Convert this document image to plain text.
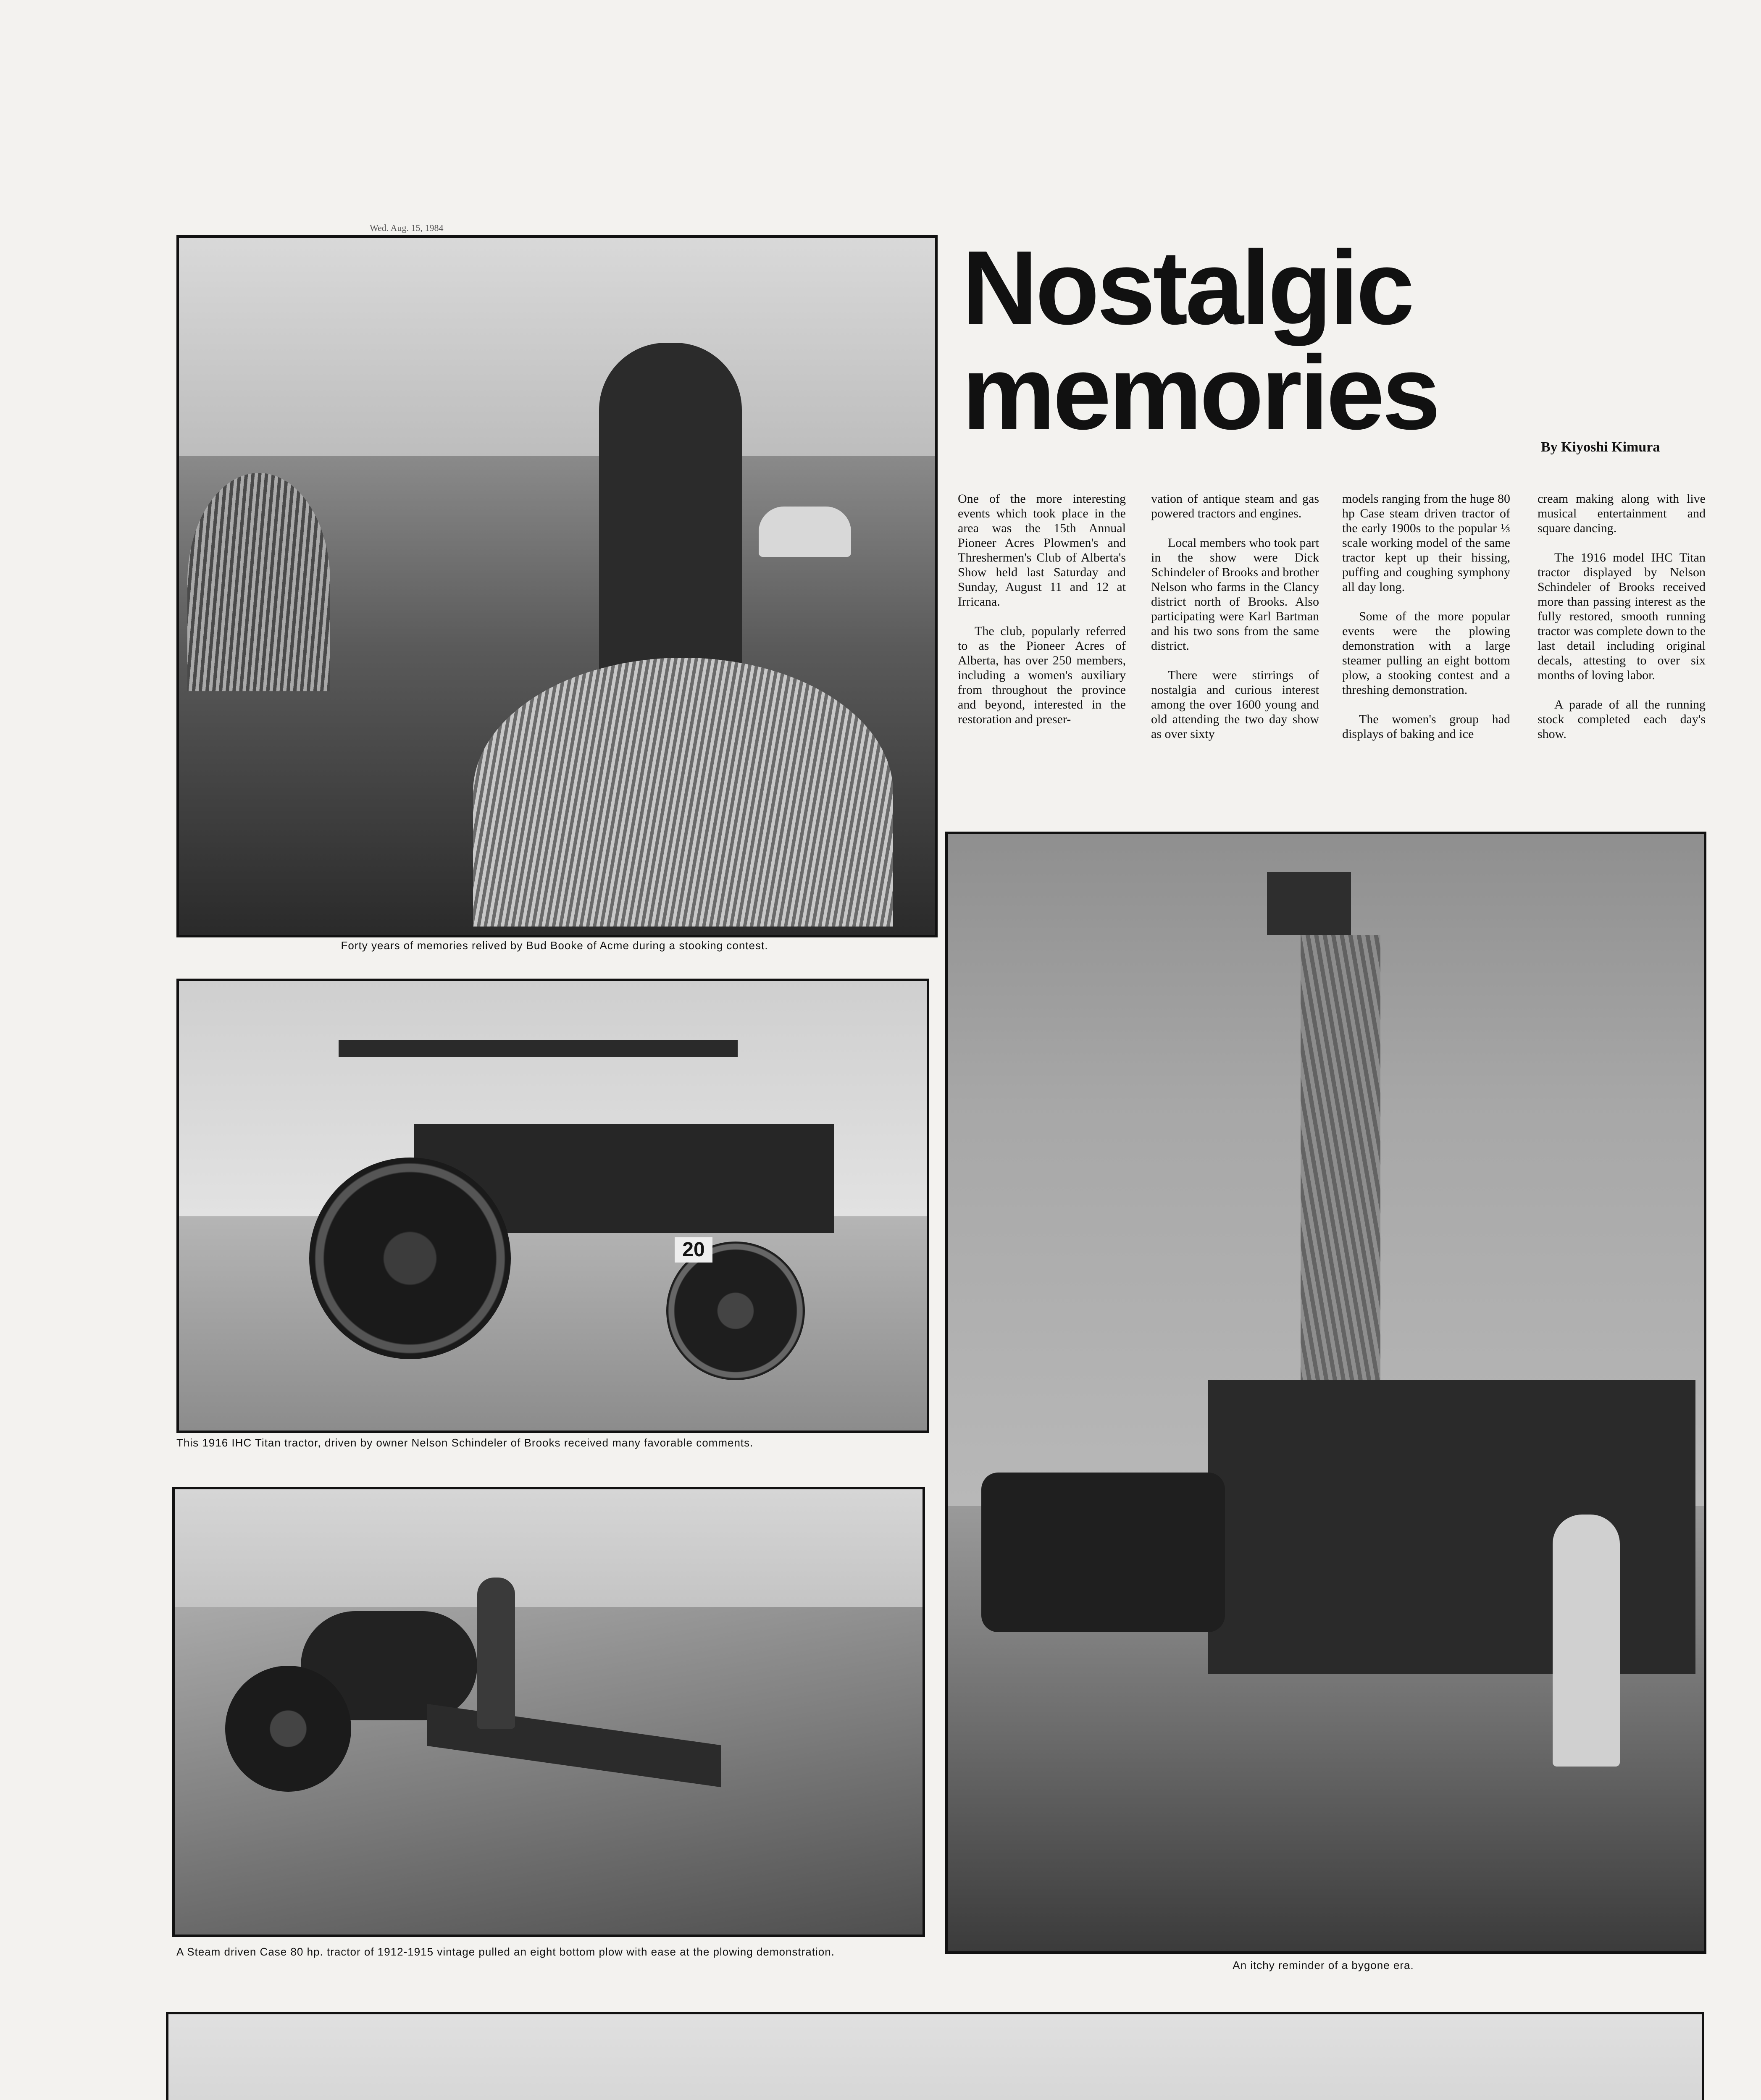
Wed. Aug. 15, 1984
Forty years of memories relived by Bud Booke of Acme during a stooking contest.
Nostalgic
memories	By Kiyoshi Kimura

One of the more interesting events which took place in the area was the 15th Annual Pioneer Acres Plowmen's and Threshermen's Club of Alberta's Show held last Saturday and Sunday, August 11 and 12 at Irricana.

The club, popularly referred to as the Pioneer Acres of Alberta, has over 250 members, including a women's auxiliary from throughout the province and beyond, interested in the restoration and preser-

vation of antique steam and gas powered tractors and engines.

Local members who took part in the show were Dick Schindeler of Brooks and brother Nelson who farms in the Clancy district north of Brooks. Also participating were Karl Bartman and his two sons from the same district.

There were stirrings of nostalgia and curious interest among the over 1600 young and old attending the two day show as over sixty

models ranging from the huge 80 hp Case steam driven tractor of the early 1900s to the popular ⅓ scale working model of the same tractor kept up their hissing, puffing and coughing symphony all day long.

Some of the more popular events were the plowing demonstration with a large steamer pulling an eight bottom plow, a stooking contest and a threshing demonstration.

The women's group had displays of baking and ice

cream making along with live musical entertainment and square dancing.

The 1916 model IHC Titan tractor displayed by Nelson Schindeler of Brooks received more than passing interest as the fully restored, smooth running tractor was complete down to the last detail including original decals, attesting to over six months of loving labor.

A parade of all the running stock completed each day's show.

20
This 1916 IHC Titan tractor, driven by owner Nelson Schindeler of Brooks received many favorable comments.
A Steam driven Case 80 hp. tractor of 1912-1915 vintage pulled an eight bottom plow with ease at the plowing demonstration.
An itchy reminder of a bygone era.
